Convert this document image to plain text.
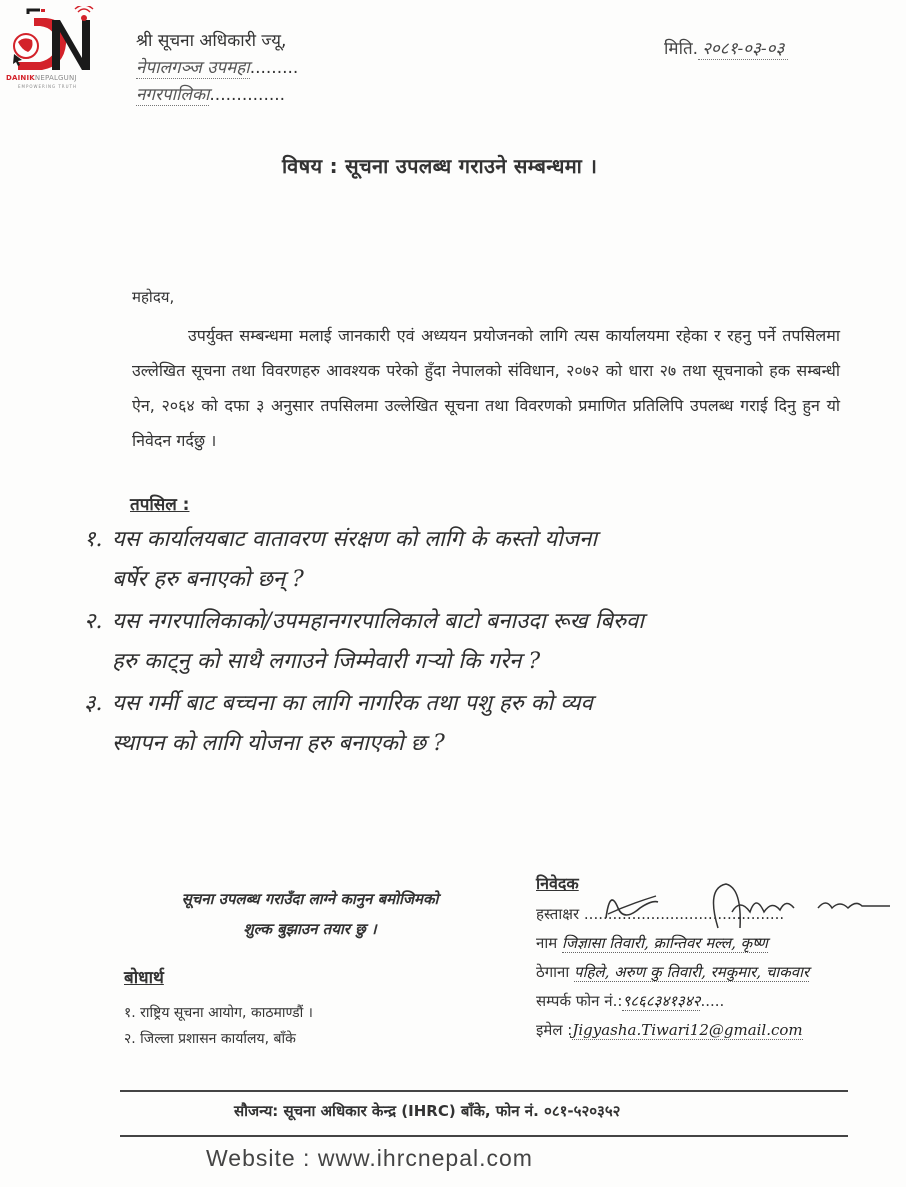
DAINIKNEPALGUNJ
EMPOWERING TRUTH
श्री सूचना अधिकारी ज्यू,
नेपालगञ्ज उपमहा.........
नगरपालिका..............
मिति. २०८१-०३-०३
विषय : सूचना उपलब्ध गराउने सम्बन्धमा ।
महोदय,
उपर्युक्त सम्बन्धमा मलाई जानकारी एवं अध्ययन प्रयोजनको लागि त्यस कार्यालयमा रहेका र रहनु पर्ने तपसिलमा उल्लेखित सूचना तथा विवरणहरु आवश्यक परेको हुँदा नेपालको संविधान, २०७२ को धारा २७ तथा सूचनाको हक सम्बन्धी ऐन, २०६४ को दफा ३ अनुसार तपसिलमा उल्लेखित सूचना तथा विवरणको प्रमाणित प्रतिलिपि उपलब्ध गराई दिनु हुन यो निवेदन गर्दछु ।
तपसिल :
१. यस कार्यालयबाट वातावरण संरक्षण को लागि के कस्तो योजना
बर्षेर हरु बनाएको छन् ?
२. यस नगरपालिकाको/उपमहानगरपालिकाले बाटो बनाउदा रूख बिरुवा
हरु काट्नु को साथै लगाउने जिम्मेवारी गर्‍यो कि गरेन ?
३. यस गर्मी बाट बच्चना का लागि नागरिक तथा पशु हरु को व्यव
स्थापन को लागि योजना हरु बनाएको छ ?
सूचना उपलब्ध गराउँदा लाग्ने कानुन बमोजिमको
शुल्क बुझाउन तयार छु ।
बोधार्थ
१. राष्ट्रिय सूचना आयोग, काठमाण्डौं ।
२. जिल्ला प्रशासन कार्यालय, बाँके
निवेदक
हस्ताक्षर ..........................................
नाम जिज्ञासा तिवारी, क्रान्तिवर मल्ल, कृष्ण
ठेगाना पहिले, अरुण कु तिवारी, रमकुमार, चाकवार
सम्पर्क फोन नं.:९८६८३४१३४२.....
इमेल :Jigyasha.Tiwari12@gmail.com
सौजन्य: सूचना अधिकार केन्द्र (IHRC) बाँके, फोन नं. ०८१-५२०३५२
Website : www.ihrcnepal.com
